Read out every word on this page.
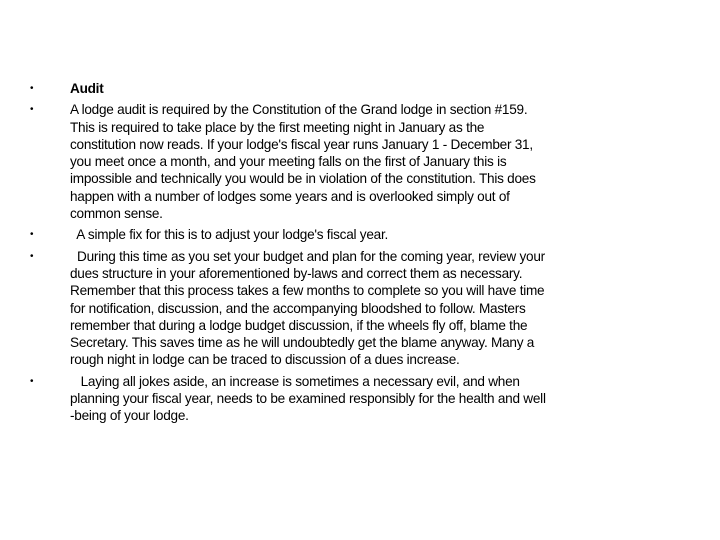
•	Audit
•	A lodge audit is required by the Constitution of the Grand lodge in section #159.
This is required to take place by the first meeting night in January as the
constitution now reads. If your lodge's fiscal year runs January 1 - December 31,
you meet once a month, and your meeting falls on the first of January this is
impossible and technically you would be in violation of the constitution. This does
happen with a number of lodges some years and is overlooked simply out of
common sense.
•	A simple fix for this is to adjust your lodge's fiscal year.
•	During this time as you set your budget and plan for the coming year, review your
dues structure in your aforementioned by-laws and correct them as necessary.
Remember that this process takes a few months to complete so you will have time
for notification, discussion, and the accompanying bloodshed to follow. Masters
remember that during a lodge budget discussion, if the wheels fly off, blame the
Secretary. This saves time as he will undoubtedly get the blame anyway. Many a
rough night in lodge can be traced to discussion of a dues increase.
•	Laying all jokes aside, an increase is sometimes a necessary evil, and when
planning your fiscal year, needs to be examined responsibly for the health and well
-being of your lodge.
